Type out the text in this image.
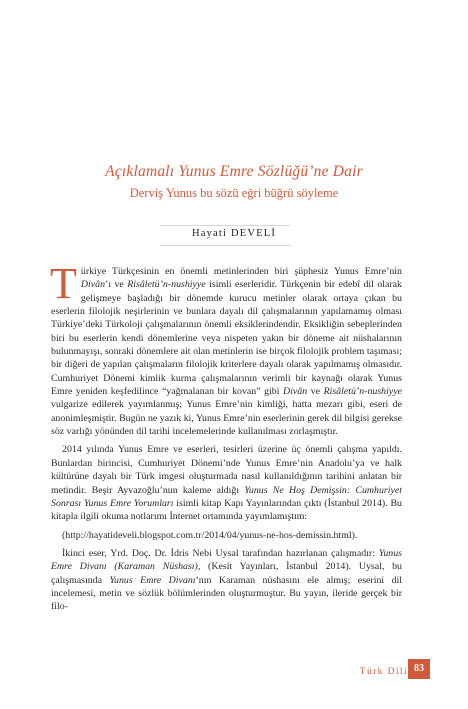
Açıklamalı Yunus Emre Sözlüğü’ne Dair
Derviş Yunus bu sözü eğri büğrü söyleme
Hayati DEVELİ

Türkiye Türkçesinin en önemli metinlerinden biri şüphesiz Yunus Emre’nin Divân’ı ve Risâletü’n-nushiyye isimli eserleridir. Türkçenin bir edebî dil olarak gelişmeye başladığı bir dönemde kurucu metinler olarak ortaya çıkan bu eserlerin filolojik neşirlerinin ve bunlara dayalı dil çalışmalarının yapılamamış olması Türkiye’deki Türkoloji çalışmalarının önemli eksiklerindendir. Eksikliğin sebeplerinden biri bu eserlerin kendi dönemlerine veya nispeten yakın bir döneme ait nüshalarının bulunmayışı, sonraki dönemlere ait olan metinlerin ise birçok filolojik problem taşıması; bir diğeri de yapılan çalışmaların filolojik kriterlere dayalı olarak yapılmamış olmasıdır. Cumhuriyet Dönemi kimlik kurma çalışmalarının verimli bir kaynağı olarak Yunus Emre yeniden keşfedilince “yağmalanan bir kovan” gibi Divân ve Risâletü’n-nushiyye vulgarize edilerek yayımlanmış; Yunus Emre’nin kimliği, hatta mezarı gibi, eseri de anonimleşmiştir. Bugün ne yazık ki, Yunus Emre’nin eserlerinin gerek dil bilgisi gerekse söz varlığı yönünden dil tarihi incelemelerinde kullanılması zorlaşmıştır.

2014 yılında Yunus Emre ve eserleri, tesirleri üzerine üç önemli çalışma yapıldı. Bunlardan birincisi, Cumhuriyet Dönemi’nde Yunus Emre’nin Anadolu’ya ve halk kültürüne dayalı bir Türk imgesi oluşturmada nasıl kullanıldığının tarihini anlatan bir metindir. Beşir Ayvazoğlu’nun kaleme aldığı Yunus Ne Hoş Demişsin: Cumhuriyet Sonrası Yunus Emre Yorumları isimli kitap Kapı Yayınlarından çıktı (İstanbul 2014). Bu kitapla ilgili okuma notlarımı İnternet ortamında yayımlamıştım:

(http://hayatideveli.blogspot.com.tr/2014/04/yunus-ne-hos-demissin.html).

İkinci eser, Yrd. Doç. Dr. İdris Nebi Uysal tarafından hazırlanan çalışmadır: Yunus Emre Divanı (Karaman Nüshası), (Kesit Yayınları, İstanbul 2014). Uysal, bu çalışmasında Yunus Emre Divanı’nın Karaman nüshasını ele almış; eserini dil incelemesi, metin ve sözlük bölümlerinden oluşturmuştur. Bu yayın, ileride gerçek bir filo-

Türk Dili 83
